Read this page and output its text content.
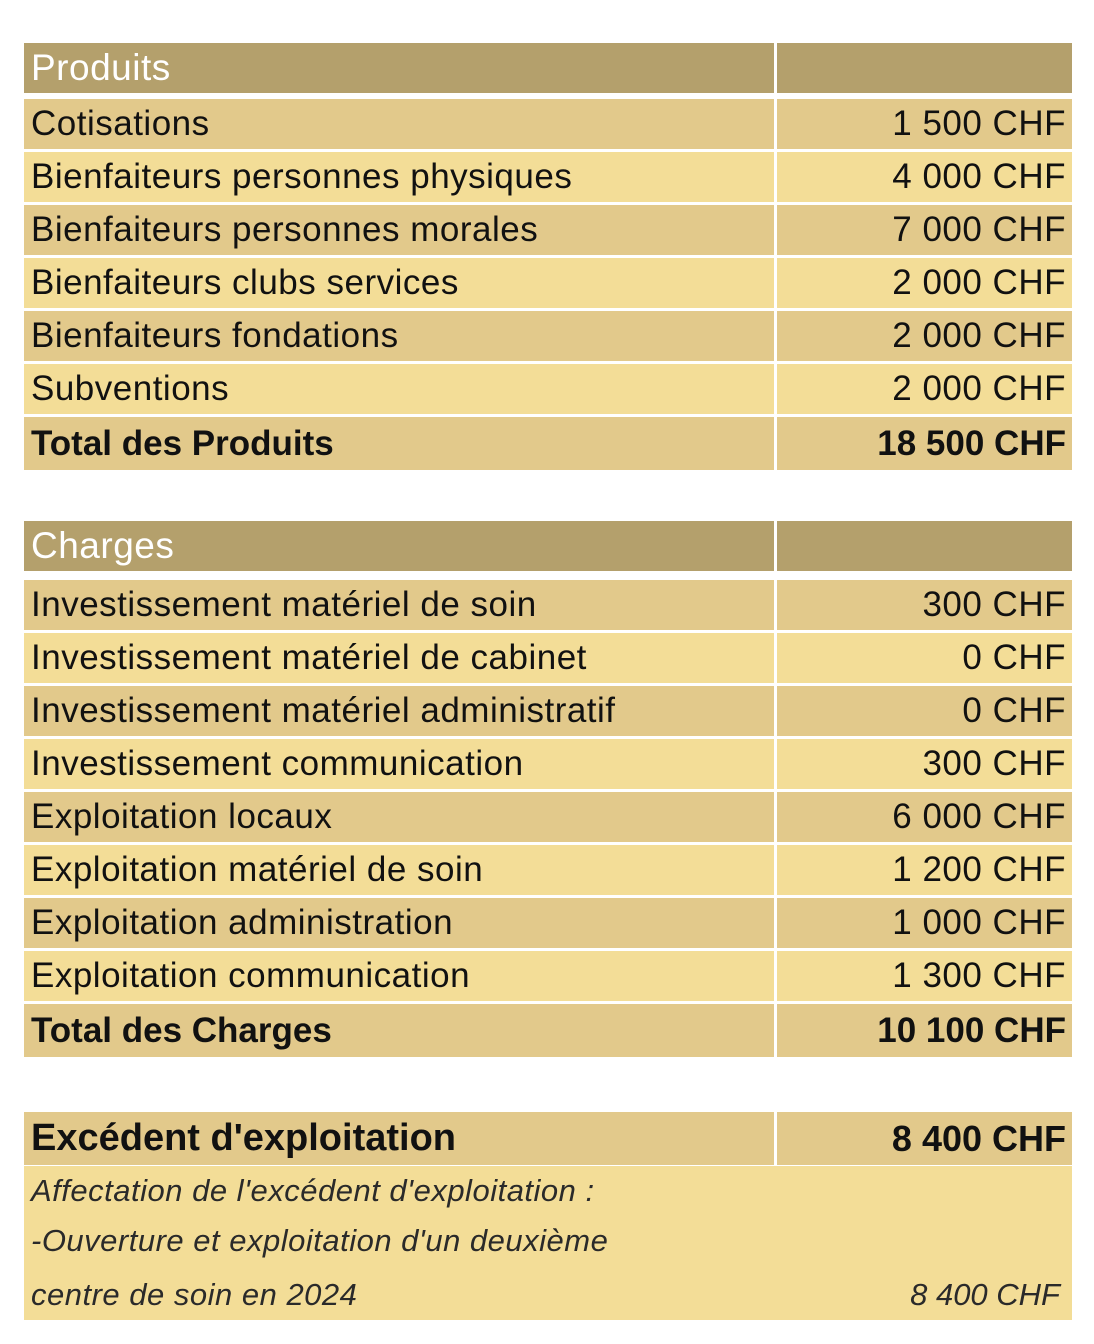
Produits
Cotisations	1 500 CHF
Bienfaiteurs personnes physiques	4 000 CHF
Bienfaiteurs personnes morales	7 000 CHF
Bienfaiteurs clubs services	2 000 CHF
Bienfaiteurs fondations	2 000 CHF
Subventions	2 000 CHF
Total des Produits	18 500 CHF
Charges
Investissement matériel de soin	300 CHF
Investissement matériel de cabinet	0 CHF
Investissement matériel administratif	0 CHF
Investissement communication	300 CHF
Exploitation locaux	6 000 CHF
Exploitation matériel de soin	1 200 CHF
Exploitation administration	1 000 CHF
Exploitation communication	1 300 CHF
Total des Charges	10 100 CHF
Excédent d'exploitation	8 400 CHF
Affectation de l'excédent d'exploitation :
-Ouverture et exploitation d'un deuxième
centre de soin en 2024	8 400 CHF
